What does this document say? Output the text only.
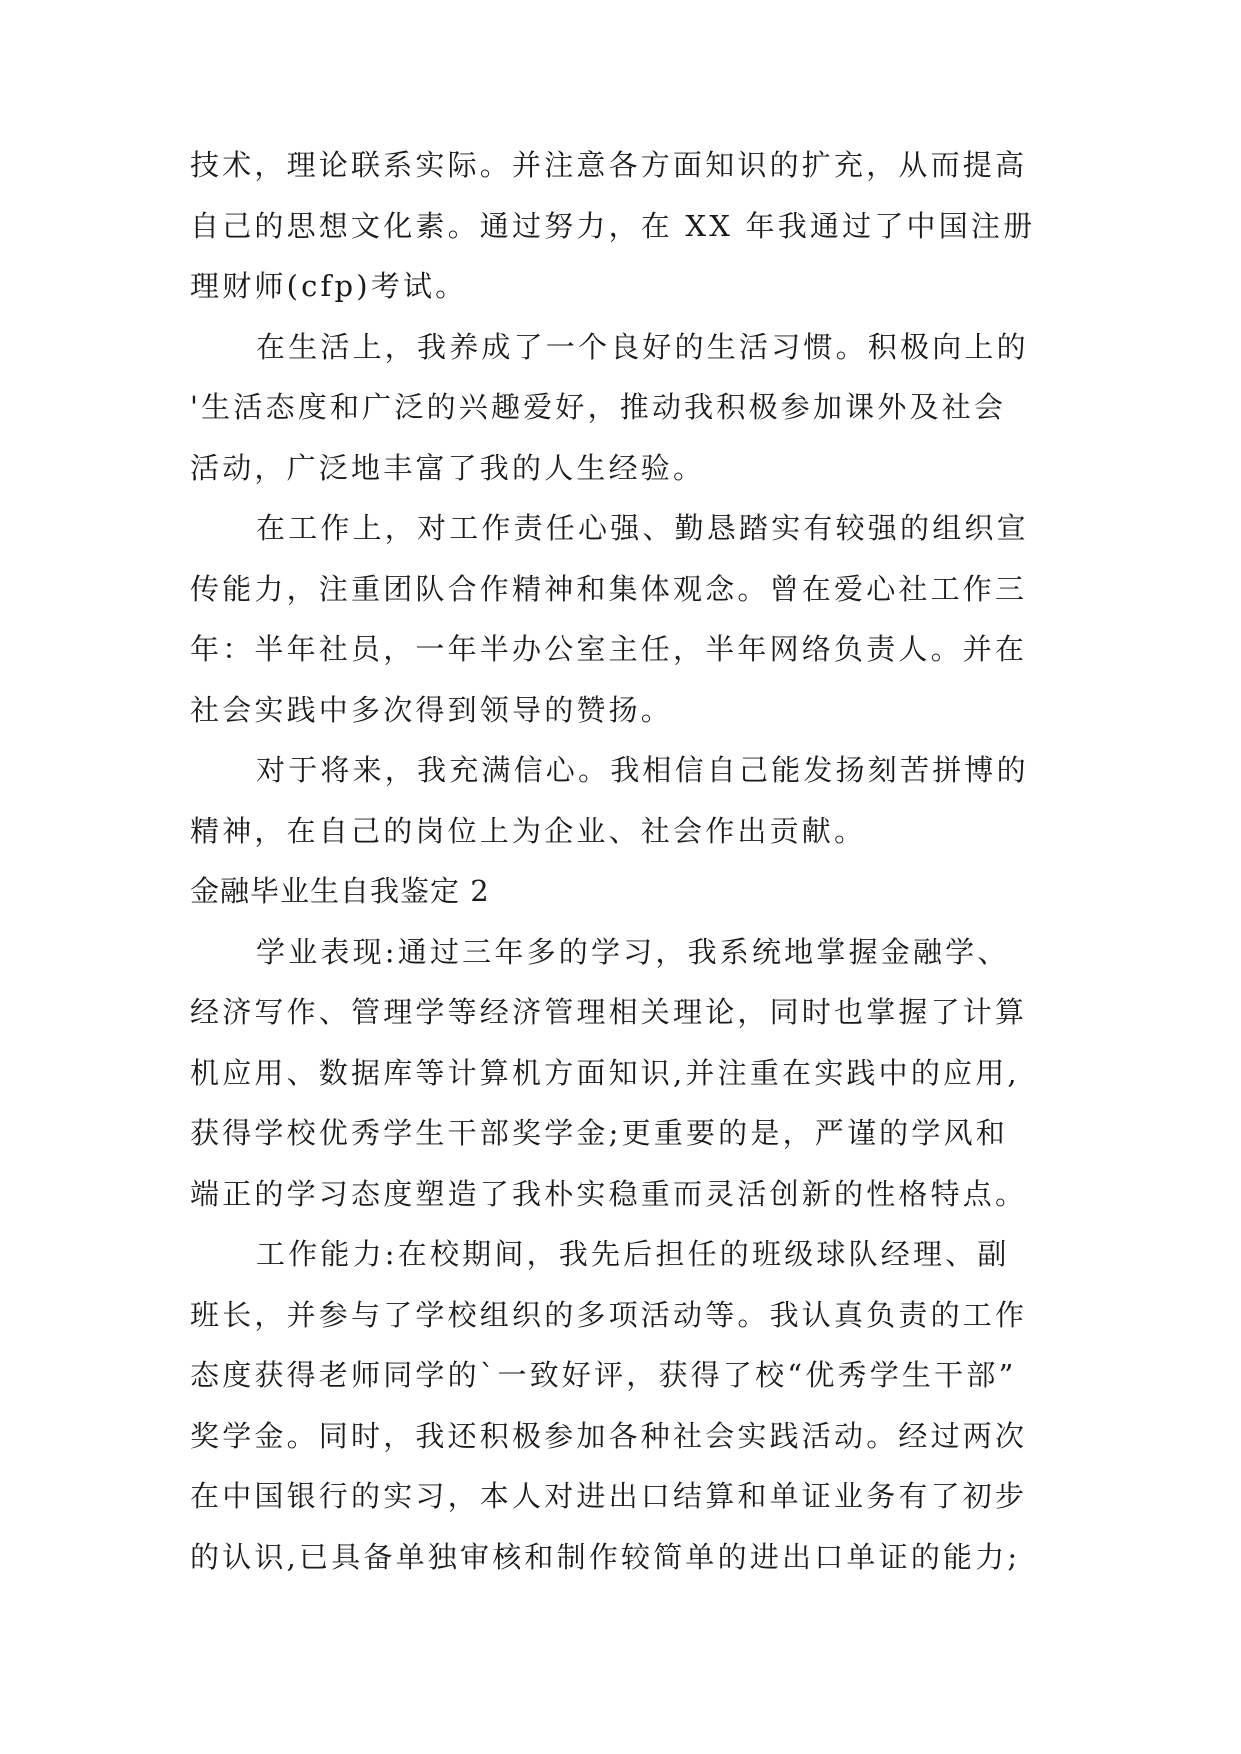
技术，理论联系实际。并注意各方面知识的扩充，从而提高
自己的思想文化素。通过努力，在 XX 年我通过了中国注册
理财师(cfp)考试。
在生活上，我养成了一个良好的生活习惯。积极向上的
'生活态度和广泛的兴趣爱好，推动我积极参加课外及社会
活动，广泛地丰富了我的人生经验。
在工作上，对工作责任心强、勤恳踏实有较强的组织宣
传能力，注重团队合作精神和集体观念。曾在爱心社工作三
年：半年社员，一年半办公室主任，半年网络负责人。并在
社会实践中多次得到领导的赞扬。
对于将来，我充满信心。我相信自己能发扬刻苦拼博的
精神，在自己的岗位上为企业、社会作出贡献。
金融毕业生自我鉴定 2
学业表现:通过三年多的学习，我系统地掌握金融学、
经济写作、管理学等经济管理相关理论，同时也掌握了计算
机应用、数据库等计算机方面知识,并注重在实践中的应用,
获得学校优秀学生干部奖学金;更重要的是，严谨的学风和
端正的学习态度塑造了我朴实稳重而灵活创新的性格特点。
工作能力:在校期间，我先后担任的班级球队经理、副
班长，并参与了学校组织的多项活动等。我认真负责的工作
态度获得老师同学的`一致好评，获得了校“优秀学生干部”
奖学金。同时，我还积极参加各种社会实践活动。经过两次
在中国银行的实习，本人对进出口结算和单证业务有了初步
的认识,已具备单独审核和制作较简单的进出口单证的能力;
